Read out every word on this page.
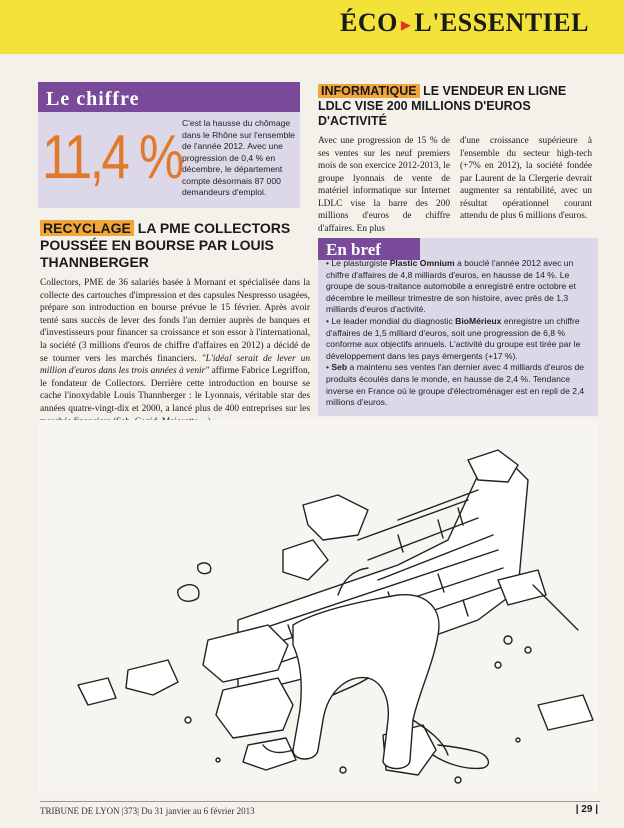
ÉCO ▸ L'ESSENTIEL
Le chiffre
11,4 % C'est la hausse du chômage dans le Rhône sur l'ensemble de l'année 2012. Avec une progression de 0,4 % en décembre, le département compte désormais 87 000 demandeurs d'emploi.
INFORMATIQUE LE VENDEUR EN LIGNE LDLC VISE 200 MILLIONS D'EUROS D'ACTIVITÉ
Avec une progression de 15 % de ses ventes sur les neuf premiers mois de son exercice 2012-2013, le groupe lyonnais de vente de matériel informatique sur Internet LDLC vise la barre des 200 millions d'euros de chiffre d'affaires. En plus
d'une croissance supérieure à l'ensemble du secteur high-tech (+7% en 2012), la société fondée par Laurent de la Clergerie devrait augmenter sa rentabilité, avec un résultat opérationnel courant attendu de plus 6 millions d'euros.
RECYCLAGE LA PME COLLECTORS POUSSÉE EN BOURSE PAR LOUIS THANNBERGER
Collectors, PME de 36 salariés basée à Mornant et spécialisée dans la collecte des cartouches d'impression et des capsules Nespresso usagées, prépare son introduction en bourse prévue le 15 février. Après avoir tenté sans succès de lever des fonds l'an dernier auprès de banques et d'investisseurs pour financer sa croissance et son essor à l'international, la société (3 millions d'euros de chiffre d'affaires en 2012) a décidé de se tourner vers les marchés financiers. "L'idéal serait de lever un million d'euros dans les trois années à venir" affirme Fabrice Legriffon, le fondateur de Collectors. Derrière cette introduction en bourse se cache l'inoxydable Louis Thannberger : le Lyonnais, véritable star des années quatre-vingt-dix et 2000, a lancé plus de 400 entreprises sur les
En bref

• Le plasturgiste Plastic Omnium a bouclé l'année 2012 avec un chiffre d'affaires de 4,8 milliards d'euros, en hausse de 14 %. Le groupe de sous-traitance automobile a enregistré entre octobre et décembre le meilleur trimestre de son histoire, avec près de 1,3 milliards d'euros d'activité.

• Le leader mondial du diagnostic BioMérieux enregistre un chiffre d'affaires de 1,5 milliard d'euros, soit une progression de 6,8 % conforme aux objectifs annuels. L'activité du groupe est tirée par le développement dans les pays émergents (+17 %).

• Seb a maintenu ses ventes l'an dernier avec 4 milliards d'euros de produits écoulés dans le monde, en hausse de 2,4 %. Tendance inverse en France où le groupe d'électroménager est en repli de 2,4 millions d'euros.

TRIBUNE DE LYON |373| Du 31 janvier au 6 février 2013	| 29 |
